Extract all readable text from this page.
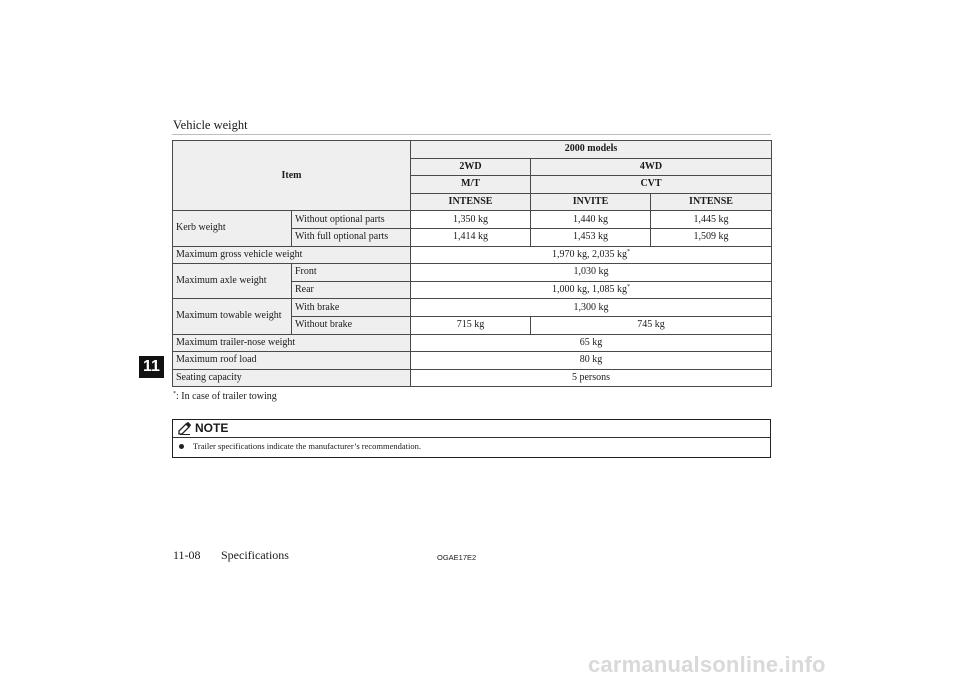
Vehicle weight
11
Item		2000 models		
		2WD	4WD	
		M/T	CVT	
		INTENSE	INVITE	INTENSE
Kerb weight	Without optional parts	1,350 kg	1,440 kg	1,445 kg
	With full optional parts	1,414 kg	1,453 kg	1,509 kg
Maximum gross vehicle weight		1,970 kg, 2,035 kg*
Maximum axle weight	Front	1,030 kg		
	Rear	1,000 kg, 1,085 kg*
Maximum towable weight	With brake	1,300 kg		
	Without brake	715 kg	745 kg	
Maximum trailer-nose weight		65 kg		
Maximum roof load		80 kg		
Seating capacity		5 persons		
*: In case of trailer towing
NOTE
Trailer specifications indicate the manufacturer’s recommendation.
11-08 Specifications	OGAE17E2
carmanualsonline.info
